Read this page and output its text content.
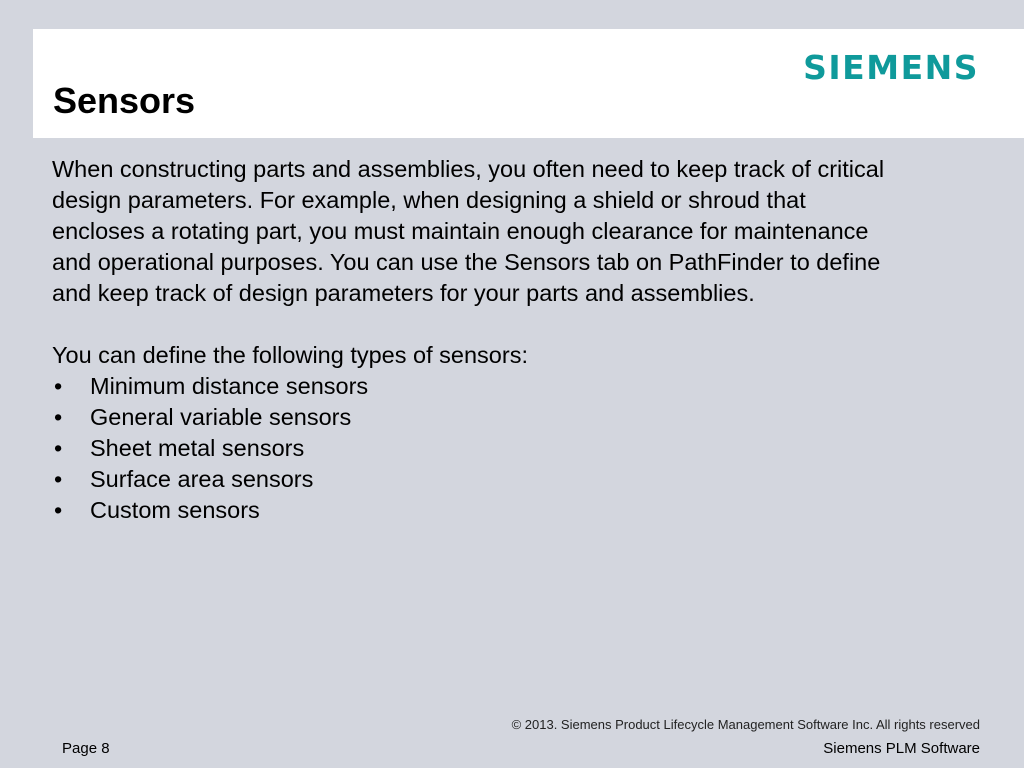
Sensors
SIEMENS
When constructing parts and assemblies, you often need to keep track of critical
design parameters. For example, when designing a shield or shroud that
encloses a rotating part, you must maintain enough clearance for maintenance
and operational purposes. You can use the Sensors tab on PathFinder to define
and keep track of design parameters for your parts and assemblies.
You can define the following types of sensors:
• Minimum distance sensors
• General variable sensors
• Sheet metal sensors
• Surface area sensors
• Custom sensors
© 2013. Siemens Product Lifecycle Management Software Inc. All rights reserved
Page 8	Siemens PLM Software
